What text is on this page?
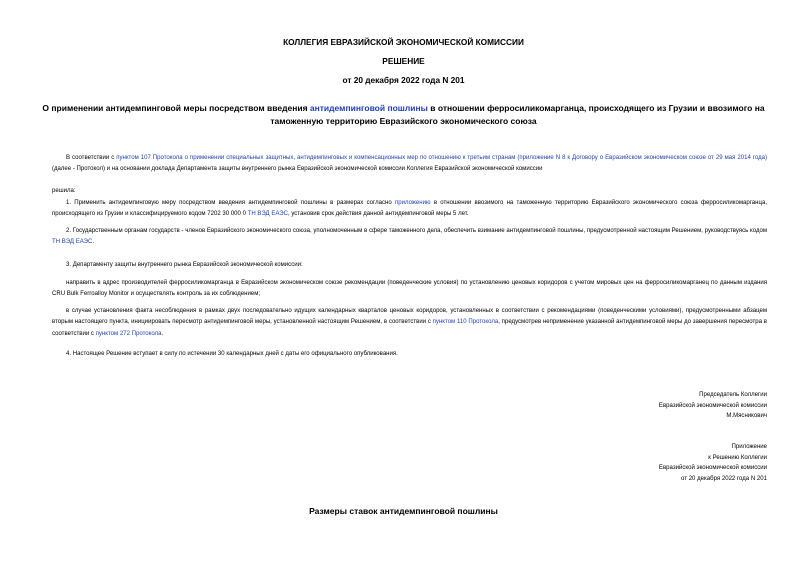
КОЛЛЕГИЯ ЕВРАЗИЙСКОЙ ЭКОНОМИЧЕСКОЙ КОМИССИИ
РЕШЕНИЕ
от 20 декабря 2022 года N 201
О применении антидемпинговой меры посредством введения антидемпинговой пошлины в отношении ферросиликомарганца, происходящего из Грузии и ввозимого на таможенную территорию Евразийского экономического союза
В соответствии с пунктом 107 Протокола о применении специальных защитных, антидемпинговых и компенсационных мер по отношению к третьим странам (приложение N 8 к Договору о Евразийском экономическом союзе от 29 мая 2014 года) (далее - Протокол) и на основании доклада Департамента защиты внутреннего рынка Евразийской экономической комиссии Коллегия Евразийской экономической комиссии
решила:
1. Применить антидемпинговую меру посредством введения антидемпинговой пошлины в размерах согласно приложению в отношении ввозимого на таможенную территорию Евразийского экономического союза ферросиликомарганца, происходящего из Грузии и классифицируемого кодом 7202 30 000 0 ТН ВЭД ЕАЭС, установив срок действия данной антидемпинговой меры 5 лет.
2. Государственным органам государств - членов Евразийского экономического союза, уполномоченным в сфере таможенного дела, обеспечить взимание антидемпинговой пошлины, предусмотренной настоящим Решением, руководствуясь кодом ТН ВЭД ЕАЭС.
3. Департаменту защиты внутреннего рынка Евразийской экономической комиссии:
направить в адрес производителей ферросиликомарганца в Евразийском экономическом союзе рекомендации (поведенческие условия) по установлению ценовых коридоров с учетом мировых цен на ферросиликомарганец по данным издания CRU Bulk Ferroalloy Monitor и осуществлять контроль за их соблюдением;
в случае установления факта несоблюдения в рамках двух последовательно идущих календарных кварталов ценовых коридоров, установленных в соответствии с рекомендациями (поведенческими условиями), предусмотренными абзацем вторым настоящего пункта, инициировать пересмотр антидемпинговой меры, установленной настоящим Решением, в соответствии с пунктом 110 Протокола, предусмотрев неприменение указанной антидемпинговой меры до завершения пересмотра в соответствии с пунктом 272 Протокола.
4. Настоящее Решение вступает в силу по истечении 30 календарных дней с даты его официального опубликования.
Председатель Коллегии
Евразийской экономической комиссии
М.Мясникович
Приложение
к Решению Коллегии
Евразийской экономической комиссии
от 20 декабря 2022 года N 201
Размеры ставок антидемпинговой пошлины
